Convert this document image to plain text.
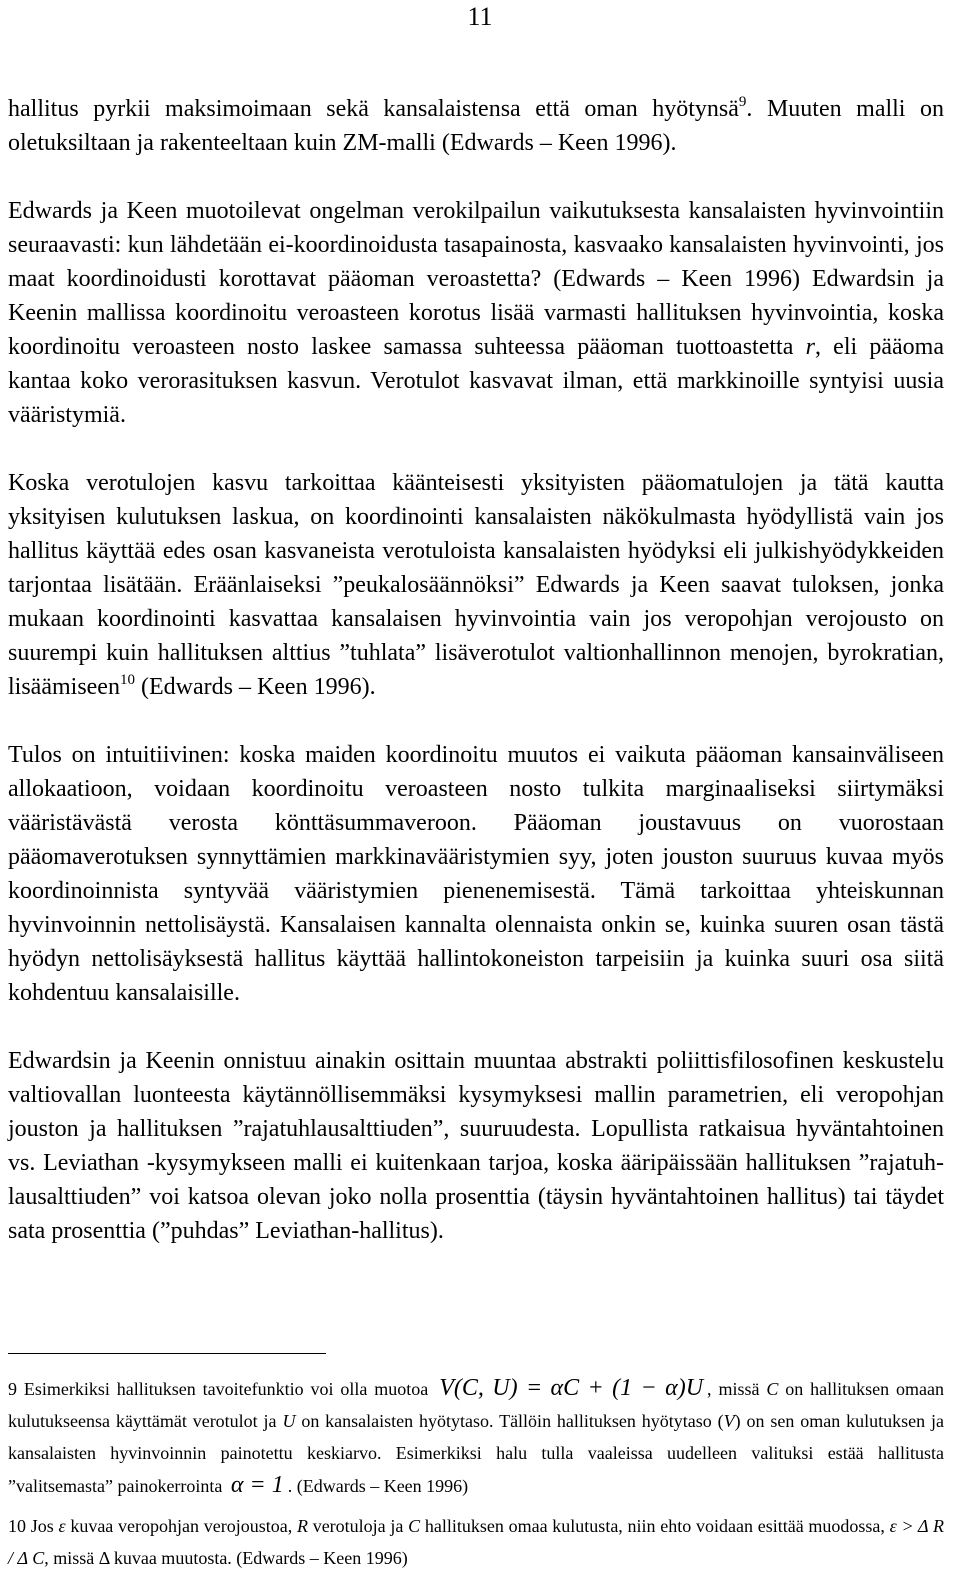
11

hallitus pyrkii maksimoimaan sekä kansalaistensa että oman hyötynsä$^9$. Muuten malli on oletuksiltaan ja rakenteeltaan kuin ZM-malli (Edwards – Keen 1996).

Edwards ja Keen muotoilevat ongelman verokilpailun vaikutuksesta kansalaisten hyvinvointiin seuraavasti: kun lähdetään ei-koordinoidusta tasapainosta, kasvaako kansalaisten hyvinvointi, jos maat koordinoidusti korottavat pääoman veroastetta? (Edwards – Keen 1996) Edwardsin ja Keenin mallissa koordinoitu veroasteen korotus lisää varmasti hallituksen hyvinvointia, koska koordinoitu veroasteen nosto laskee samassa suhteessa pääoman tuottoastetta r, eli pääoma kantaa koko verorasituksen kasvun. Verotulot kasvavat ilman, että markkinoille syntyisi uusia vääristymiä.

Koska verotulojen kasvu tarkoittaa käänteisesti yksityisten pääomatulojen ja tätä kautta yksityisen kulutuksen laskua, on koordinointi kansalaisten näkökulmasta hyödyllistä vain jos hallitus käyttää edes osan kasvaneista verotuloista kansalaisten hyödyksi eli julkishyödykkeiden tarjontaa lisätään. Eräänlaiseksi ”peukalosäännöksi” Edwards ja Keen saavat tuloksen, jonka mukaan koordinointi kasvattaa kansalaisen hyvinvointia vain jos veropohjan verojousto on suurempi kuin hallituksen alttius ”tuhlata” lisäverotulot valtionhallinnon menojen, byrokratian, lisäämiseen$^{10}$ (Edwards – Keen 1996).

Tulos on intuitiivinen: koska maiden koordinoitu muutos ei vaikuta pääoman kansainväliseen allokaatioon, voidaan koordinoitu veroasteen nosto tulkita marginaaliseksi siirtymäksi vääristävästä verosta könttäsummaveroon. Pääoman joustavuus on vuorostaan pääomaverotuksen synnyttämien markkinavääristymien syy, joten jouston suuruus kuvaa myös koordinoinnista syntyvää vääristymien pienenemisestä. Tämä tarkoittaa yhteiskunnan hyvinvoinnin nettolisäystä. Kansalaisen kannalta olennaista onkin se, kuinka suuren osan tästä hyödyn nettolisäyksestä hallitus käyttää hallintokoneiston tarpeisiin ja kuinka suuri osa siitä kohdentuu kansalaisille.

Edwardsin ja Keenin onnistuu ainakin osittain muuntaa abstrakti poliittisfilosofinen keskustelu valtiovallan luonteesta käytännöllisemmäksi kysymyksesi mallin parametrien, eli veropohjan jouston ja hallituksen ”rajatuhlausalttiuden”, suuruudesta. Lopullista ratkaisua hyväntahtoinen vs. Leviathan -kysymykseen malli ei kuitenkaan tarjoa, koska ääripäissään hallituksen ”rajatuhlausalttiuden” voi katsoa olevan joko nolla prosenttia (täysin hyväntahtoinen hallitus) tai täydet sata prosenttia (”puhdas” Leviathan-hallitus).

9 Esimerkiksi hallituksen tavoitefunktio voi olla muotoa V(C, U) = αC + (1 − α)U , missä C on hallituksen omaan kulutukseensa käyttämät verotulot ja U on kansalaisten hyötytaso. Tällöin hallituksen hyötytaso (V) on sen oman kulutuksen ja kansalaisten hyvinvoinnin painotettu keskiarvo. Esimerkiksi halu tulla vaaleissa uudelleen valituksi estää hallitusta ”valitsemasta” painokerrointa α = 1 . (Edwards – Keen 1996)

10 Jos ε kuvaa veropohjan verojoustoa, R verotuloja ja C hallituksen omaa kulutusta, niin ehto voidaan esittää muodossa, ε > Δ R / Δ C, missä Δ kuvaa muutosta. (Edwards – Keen 1996)
